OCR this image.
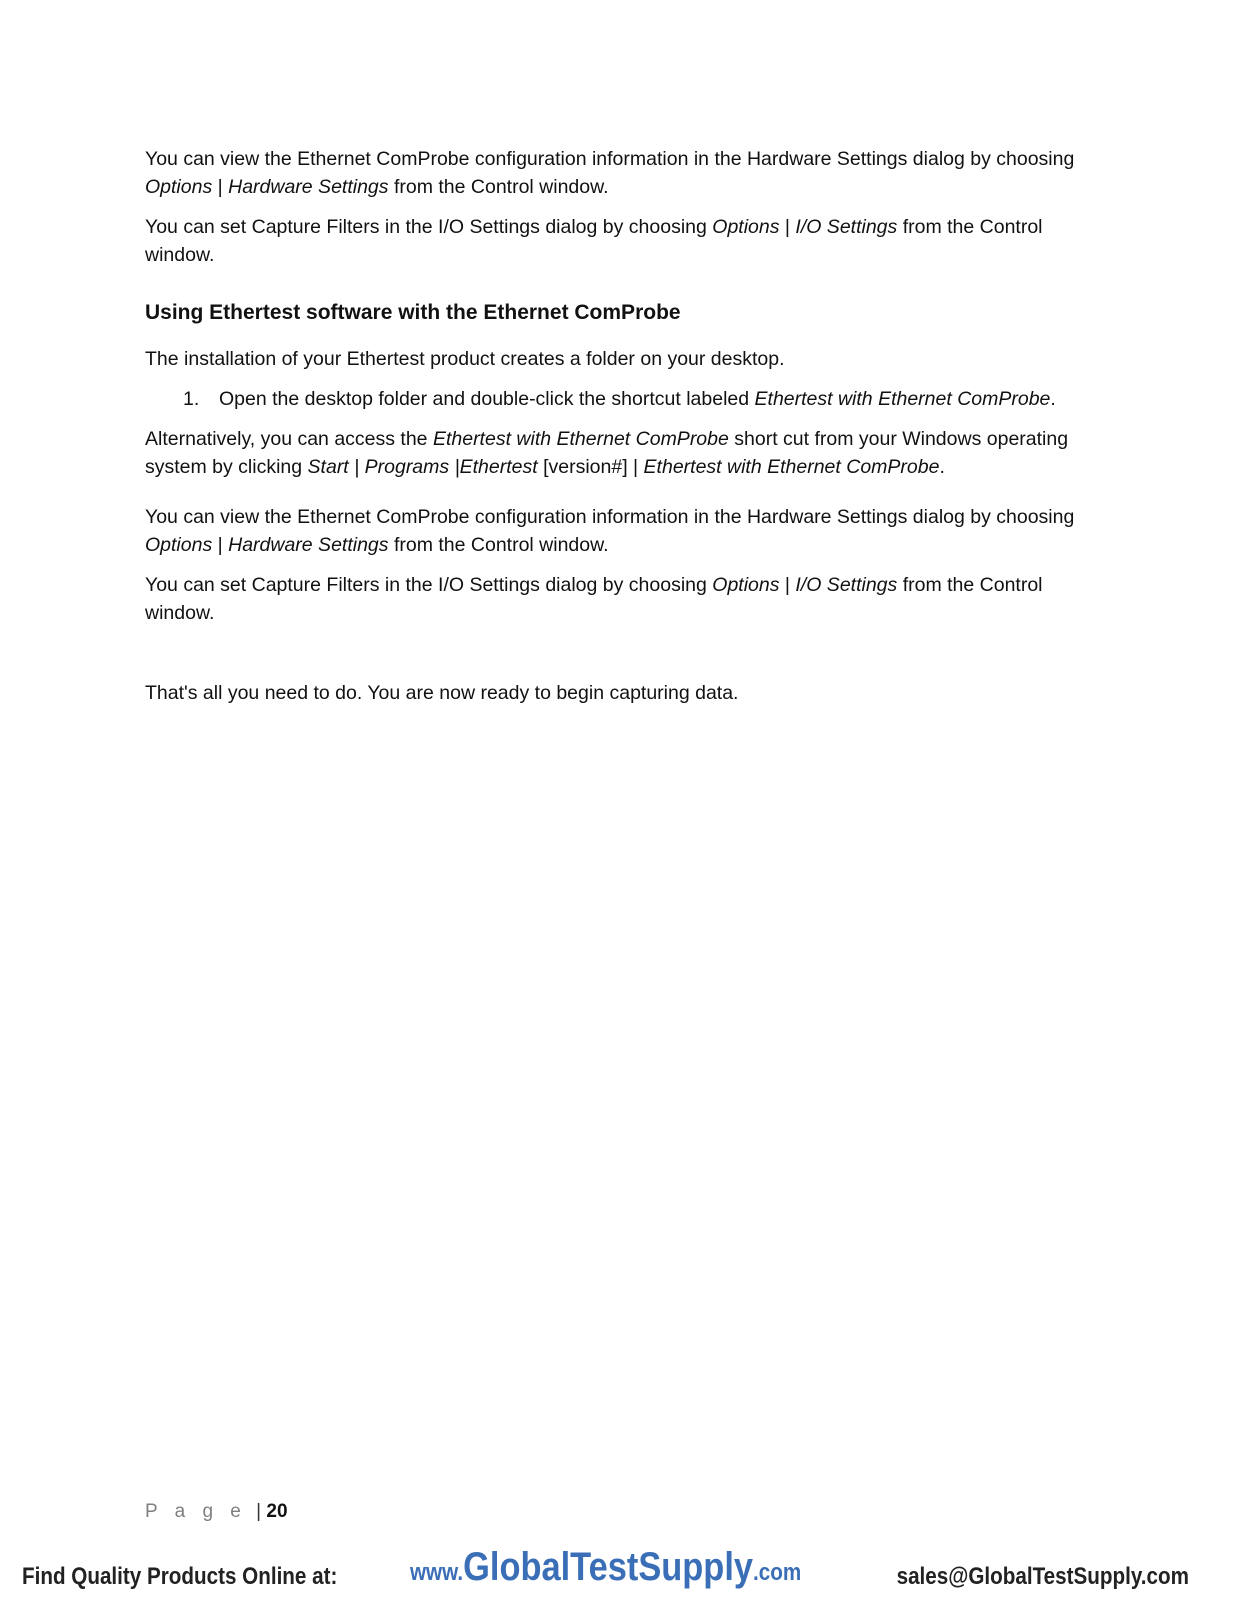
You can view the Ethernet ComProbe configuration information in the Hardware Settings dialog by choosing Options | Hardware Settings from the Control window.

You can set Capture Filters in the I/O Settings dialog by choosing Options | I/O Settings from the Control window.

Using Ethertest software with the Ethernet ComProbe

The installation of your Ethertest product creates a folder on your desktop.

1.	Open the desktop folder and double-click the shortcut labeled Ethertest with Ethernet ComProbe.

Alternatively, you can access the Ethertest with Ethernet ComProbe short cut from your Windows operating system by clicking Start | Programs |Ethertest [version#] | Ethertest with Ethernet ComProbe.

You can view the Ethernet ComProbe configuration information in the Hardware Settings dialog by choosing Options | Hardware Settings from the Control window.

You can set Capture Filters in the I/O Settings dialog by choosing Options | I/O Settings from the Control window.

That's all you need to do. You are now ready to begin capturing data.

P a g e | 20
Find Quality Products Online at:	www.GlobalTestSupply.com	sales@GlobalTestSupply.com
